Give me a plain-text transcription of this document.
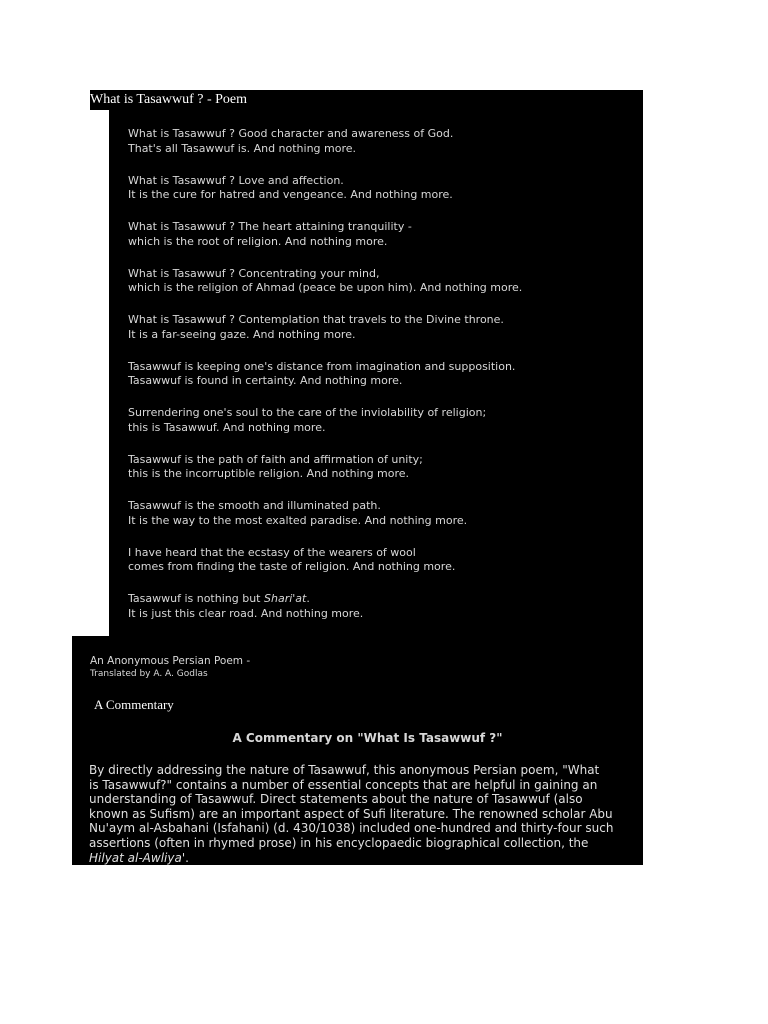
What is Tasawwuf ? - Poem
What is Tasawwuf ? Good character and awareness of God.
That's all Tasawwuf is. And nothing more.
What is Tasawwuf ? Love and affection.
It is the cure for hatred and vengeance. And nothing more.
What is Tasawwuf ? The heart attaining tranquility -
which is the root of religion. And nothing more.
What is Tasawwuf ? Concentrating your mind,
which is the religion of Ahmad (peace be upon him). And nothing more.
What is Tasawwuf ? Contemplation that travels to the Divine throne.
It is a far-seeing gaze. And nothing more.
Tasawwuf is keeping one's distance from imagination and supposition.
Tasawwuf is found in certainty. And nothing more.
Surrendering one's soul to the care of the inviolability of religion;
this is Tasawwuf. And nothing more.
Tasawwuf is the path of faith and affirmation of unity;
this is the incorruptible religion. And nothing more.
Tasawwuf is the smooth and illuminated path.
It is the way to the most exalted paradise. And nothing more.
I have heard that the ecstasy of the wearers of wool
comes from finding the taste of religion. And nothing more.
Tasawwuf is nothing but Shari'at.
It is just this clear road. And nothing more.
An Anonymous Persian Poem -
Translated by A. A. Godlas
A Commentary
A Commentary on "What Is Tasawwuf ?"
By directly addressing the nature of Tasawwuf, this anonymous Persian poem, "What
is Tasawwuf?" contains a number of essential concepts that are helpful in gaining an
understanding of Tasawwuf. Direct statements about the nature of Tasawwuf (also
known as Sufism) are an important aspect of Sufi literature. The renowned scholar Abu
Nu'aym al-Asbahani (Isfahani) (d. 430/1038) included one-hundred and thirty-four such
assertions (often in rhymed prose) in his encyclopaedic biographical collection, the
Hilyat al-Awliya'.
